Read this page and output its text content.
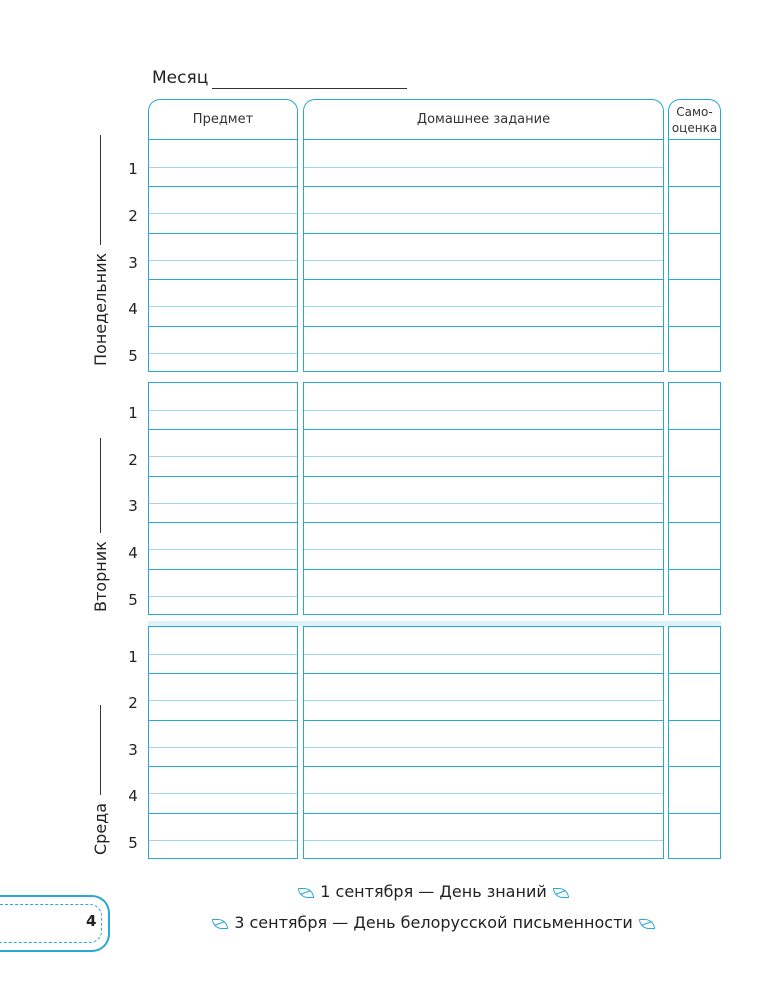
Месяц
Предмет	Домашнее задание
Само-
оценка
1
2
3
4
5
1
2
3
4
5
1
2
3
4
5
Понедельник
Вторник
Среда
4
1 сентября — День знаний
3 сентября — День белорусской письменности
